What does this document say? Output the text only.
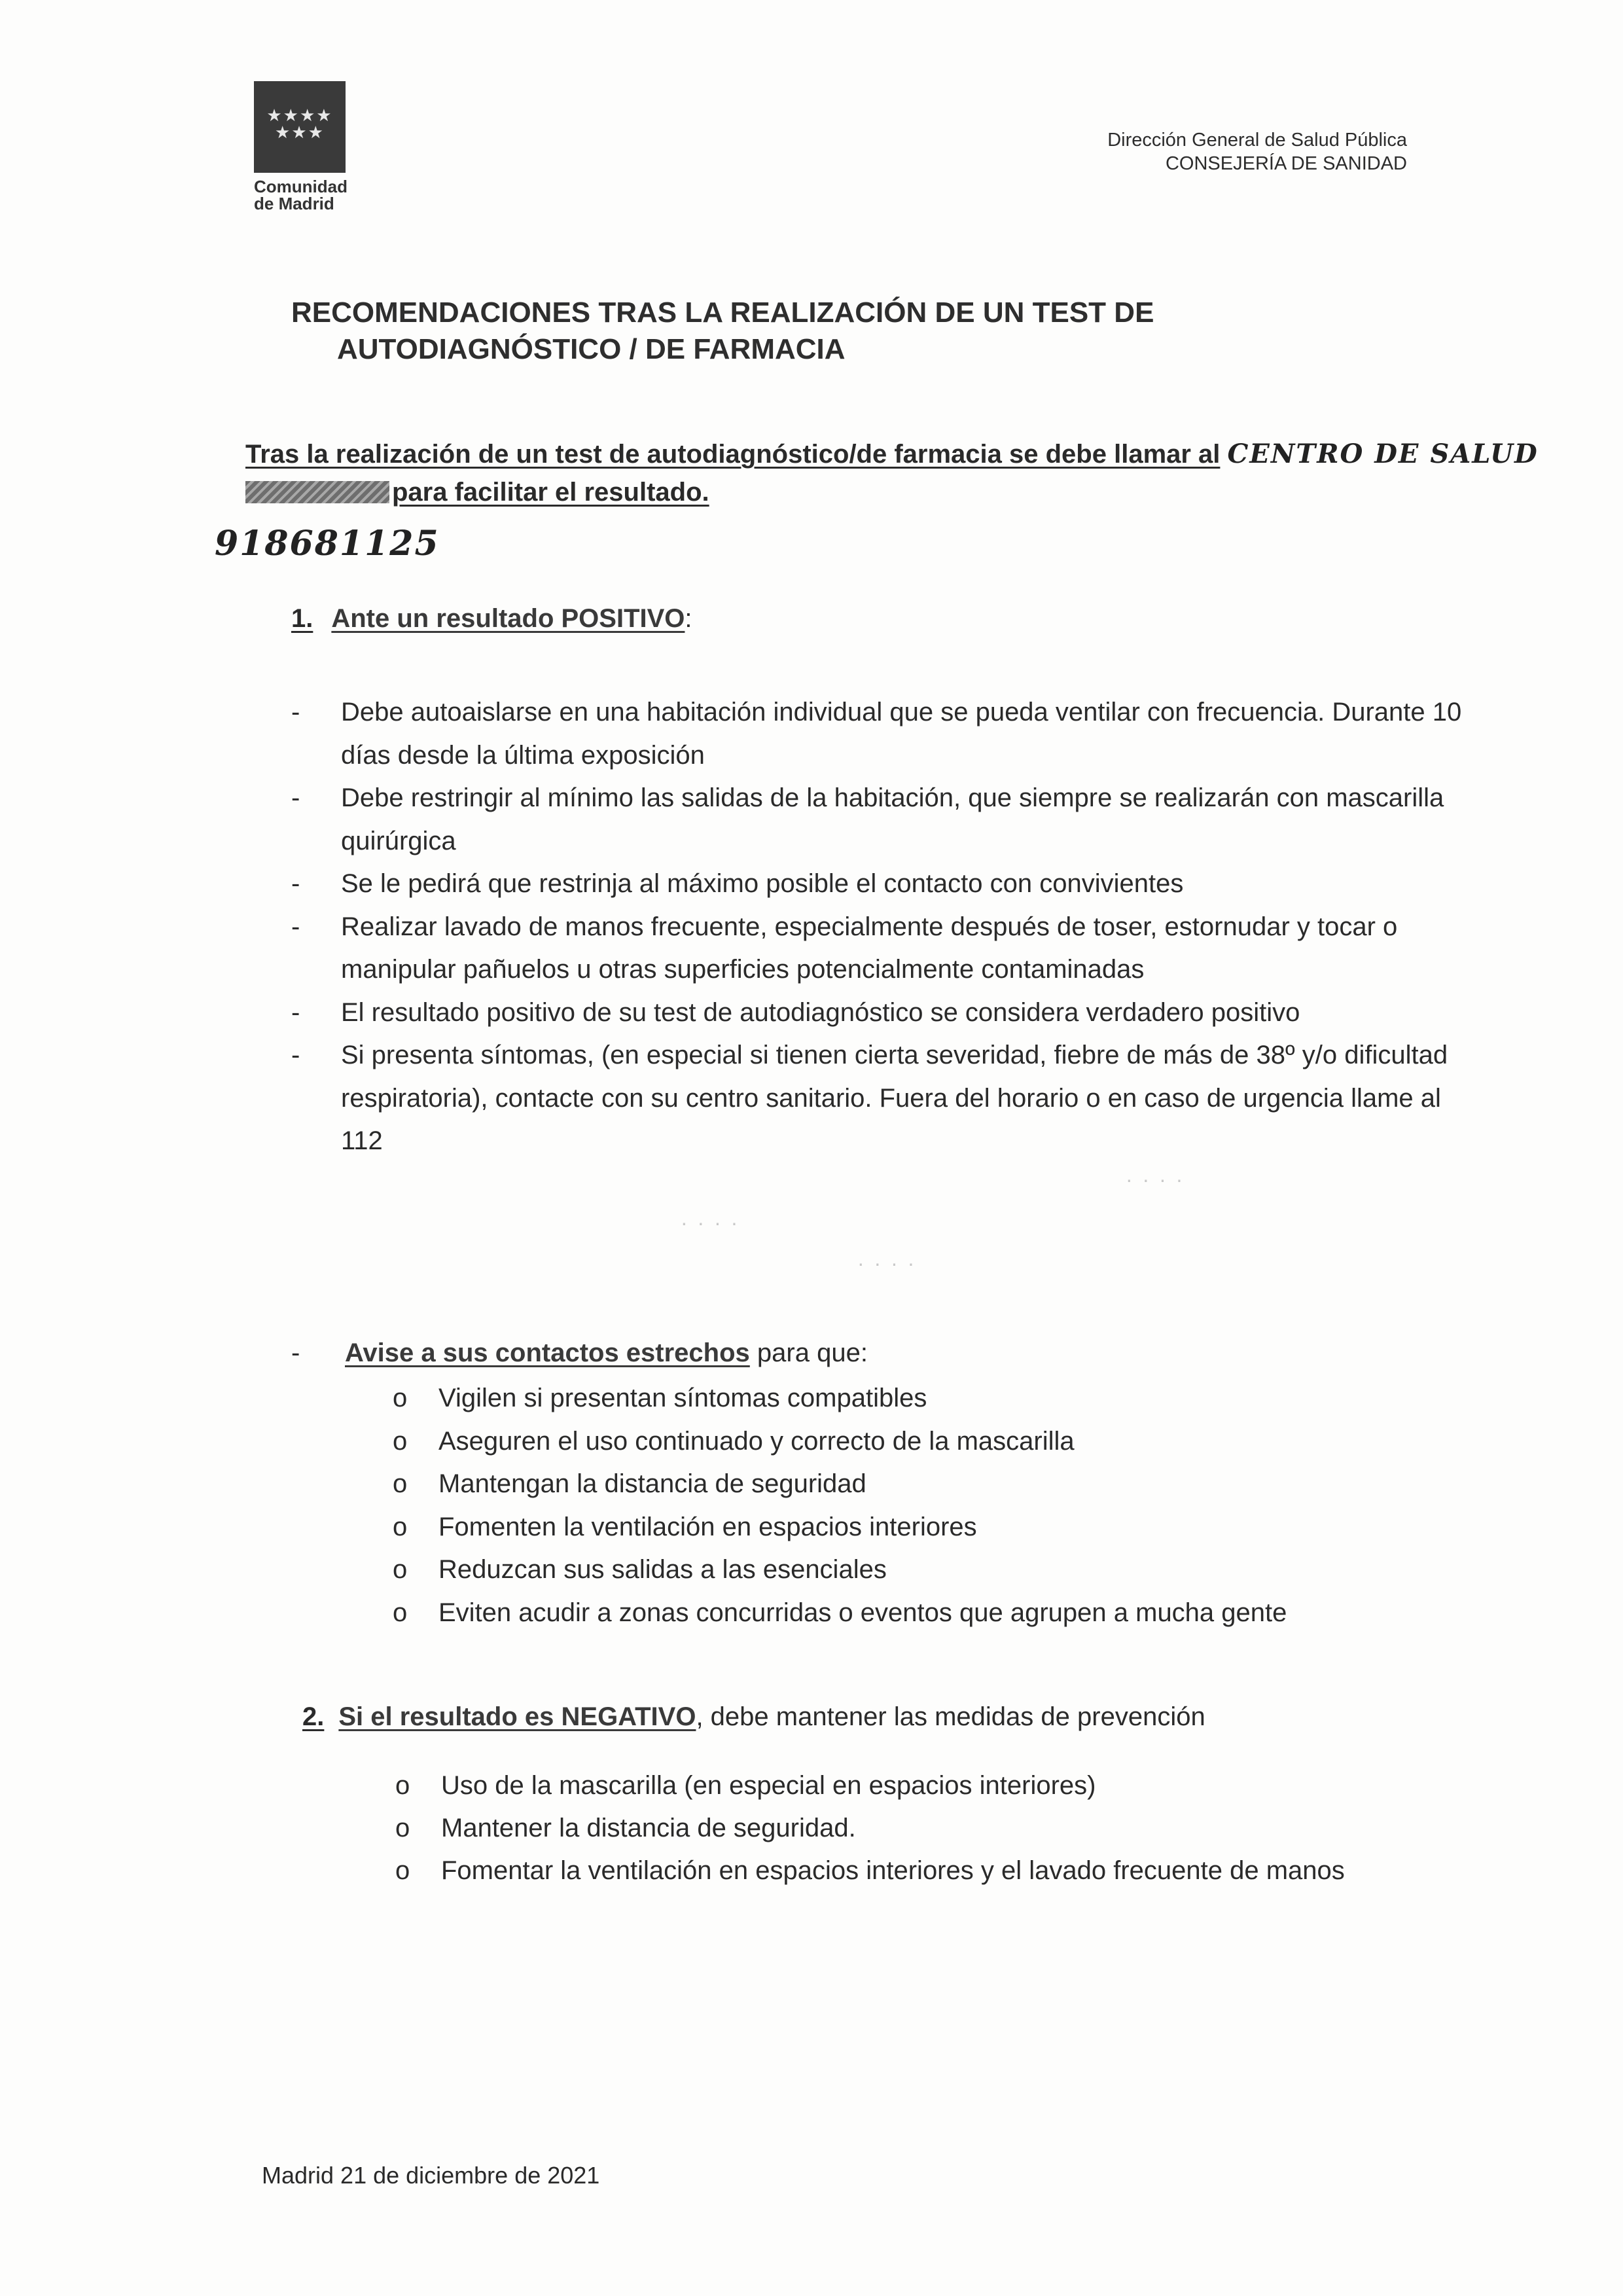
★★★★
★★★
Comunidad
de Madrid
Dirección General de Salud Pública
CONSEJERÍA DE SANIDAD
RECOMENDACIONES TRAS LA REALIZACIÓN DE UN TEST DE
AUTODIAGNÓSTICO / DE FARMACIA
Tras la realización de un test de autodiagnóstico/de farmacia se debe llamar al CENTRO DE SALUD
para facilitar el resultado.
918681125
1. Ante un resultado POSITIVO:
- Debe autoaislarse en una habitación individual que se pueda ventilar con frecuencia. Durante 10 días desde la última exposición
- Debe restringir al mínimo las salidas de la habitación, que siempre se realizarán con mascarilla quirúrgica
- Se le pedirá que restrinja al máximo posible el contacto con convivientes
- Realizar lavado de manos frecuente, especialmente después de toser, estornudar y tocar o manipular pañuelos u otras superficies potencialmente contaminadas
- El resultado positivo de su test de autodiagnóstico se considera verdadero positivo
- Si presenta síntomas, (en especial si tienen cierta severidad, fiebre de más de 38º y/o dificultad respiratoria), contacte con su centro sanitario. Fuera del horario o en caso de urgencia llame al 112
· · · ·
· · · ·
· · · ·
- Avise a sus contactos estrechos para que:
o Vigilen si presentan síntomas compatibles
o Aseguren el uso continuado y correcto de la mascarilla
o Mantengan la distancia de seguridad
o Fomenten la ventilación en espacios interiores
o Reduzcan sus salidas a las esenciales
o Eviten acudir a zonas concurridas o eventos que agrupen a mucha gente
2. Si el resultado es NEGATIVO, debe mantener las medidas de prevención
o Uso de la mascarilla (en especial en espacios interiores)
o Mantener la distancia de seguridad.
o Fomentar la ventilación en espacios interiores y el lavado frecuente de manos
Madrid 21 de diciembre de 2021
